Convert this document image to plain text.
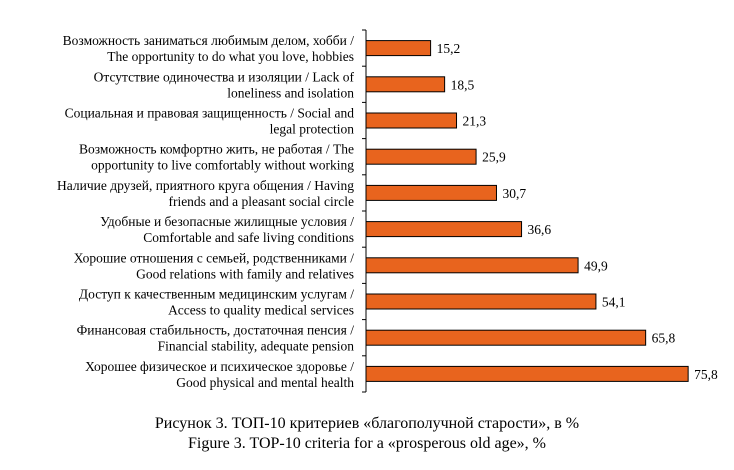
15,2
Возможность заниматься любимым делом, хобби / The opportunity to do what you love, hobbies
18,5
Отсутствие одиночества и изоляции / Lack of loneliness and isolation
21,3
Социальная и правовая защищенность / Social and legal protection
25,9
Возможность комфортно жить, не работая / The opportunity to live comfortably without working
30,7
Наличие друзей, приятного круга общения / Having friends and a pleasant social circle
36,6
Удобные и безопасные жилищные условия / Comfortable and safe living conditions
49,9
Хорошие отношения с семьей, родственниками / Good relations with family and relatives
54,1
Доступ к качественным медицинским услугам / Access to quality medical services
65,8
Финансовая стабильность, достаточная пенсия / Financial stability, adequate pension
75,8
Хорошее физическое и психическое здоровье / Good physical and mental health
Рисунок 3. ТОП-10 критериев «благополучной старости», в %
Figure 3. TOP-10 criteria for a «prosperous old age», %
